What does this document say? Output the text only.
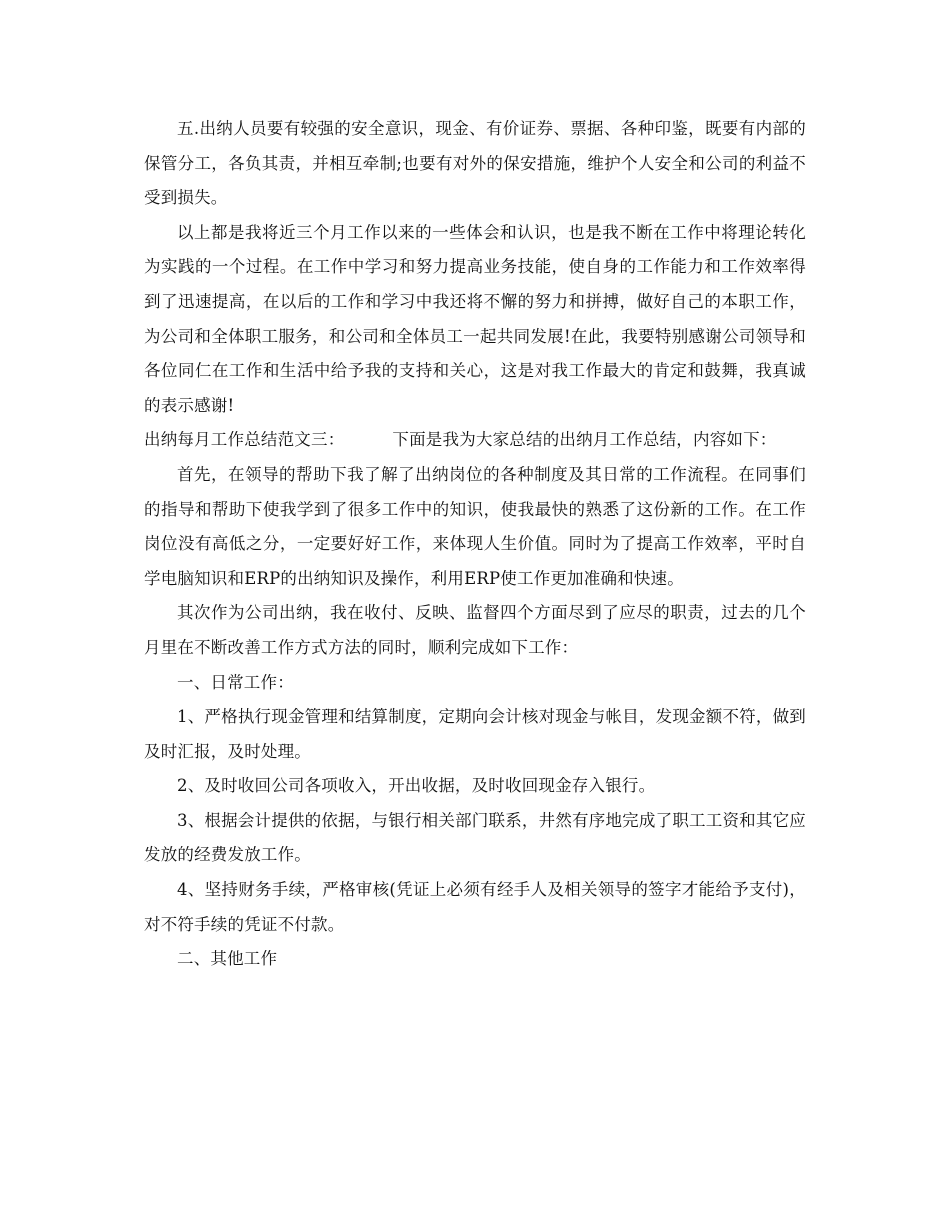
五.出纳人员要有较强的安全意识，现金、有价证券、票据、各种印鉴，既要有内部的保管分工，各负其责，并相互牵制;也要有对外的保安措施，维护个人安全和公司的利益不受到损失。

以上都是我将近三个月工作以来的一些体会和认识，也是我不断在工作中将理论转化为实践的一个过程。在工作中学习和努力提高业务技能，使自身的工作能力和工作效率得到了迅速提高，在以后的工作和学习中我还将不懈的努力和拼搏，做好自己的本职工作，为公司和全体职工服务，和公司和全体员工一起共同发展!在此，我要特别感谢公司领导和各位同仁在工作和生活中给予我的支持和关心，这是对我工作最大的肯定和鼓舞，我真诚的表示感谢!

出纳每月工作总结范文三：	下面是我为大家总结的出纳月工作总结，内容如下：

首先，在领导的帮助下我了解了出纳岗位的各种制度及其日常的工作流程。在同事们的指导和帮助下使我学到了很多工作中的知识，使我最快的熟悉了这份新的工作。在工作岗位没有高低之分，一定要好好工作，来体现人生价值。同时为了提高工作效率，平时自学电脑知识和ERP的出纳知识及操作，利用ERP使工作更加准确和快速。

其次作为公司出纳，我在收付、反映、监督四个方面尽到了应尽的职责，过去的几个月里在不断改善工作方式方法的同时，顺利完成如下工作：

一、日常工作：

1、严格执行现金管理和结算制度，定期向会计核对现金与帐目，发现金额不符，做到及时汇报，及时处理。

2、及时收回公司各项收入，开出收据，及时收回现金存入银行。

3、根据会计提供的依据，与银行相关部门联系，井然有序地完成了职工工资和其它应发放的经费发放工作。

4、坚持财务手续，严格审核(凭证上必须有经手人及相关领导的签字才能给予支付)，对不符手续的凭证不付款。

二、其他工作
